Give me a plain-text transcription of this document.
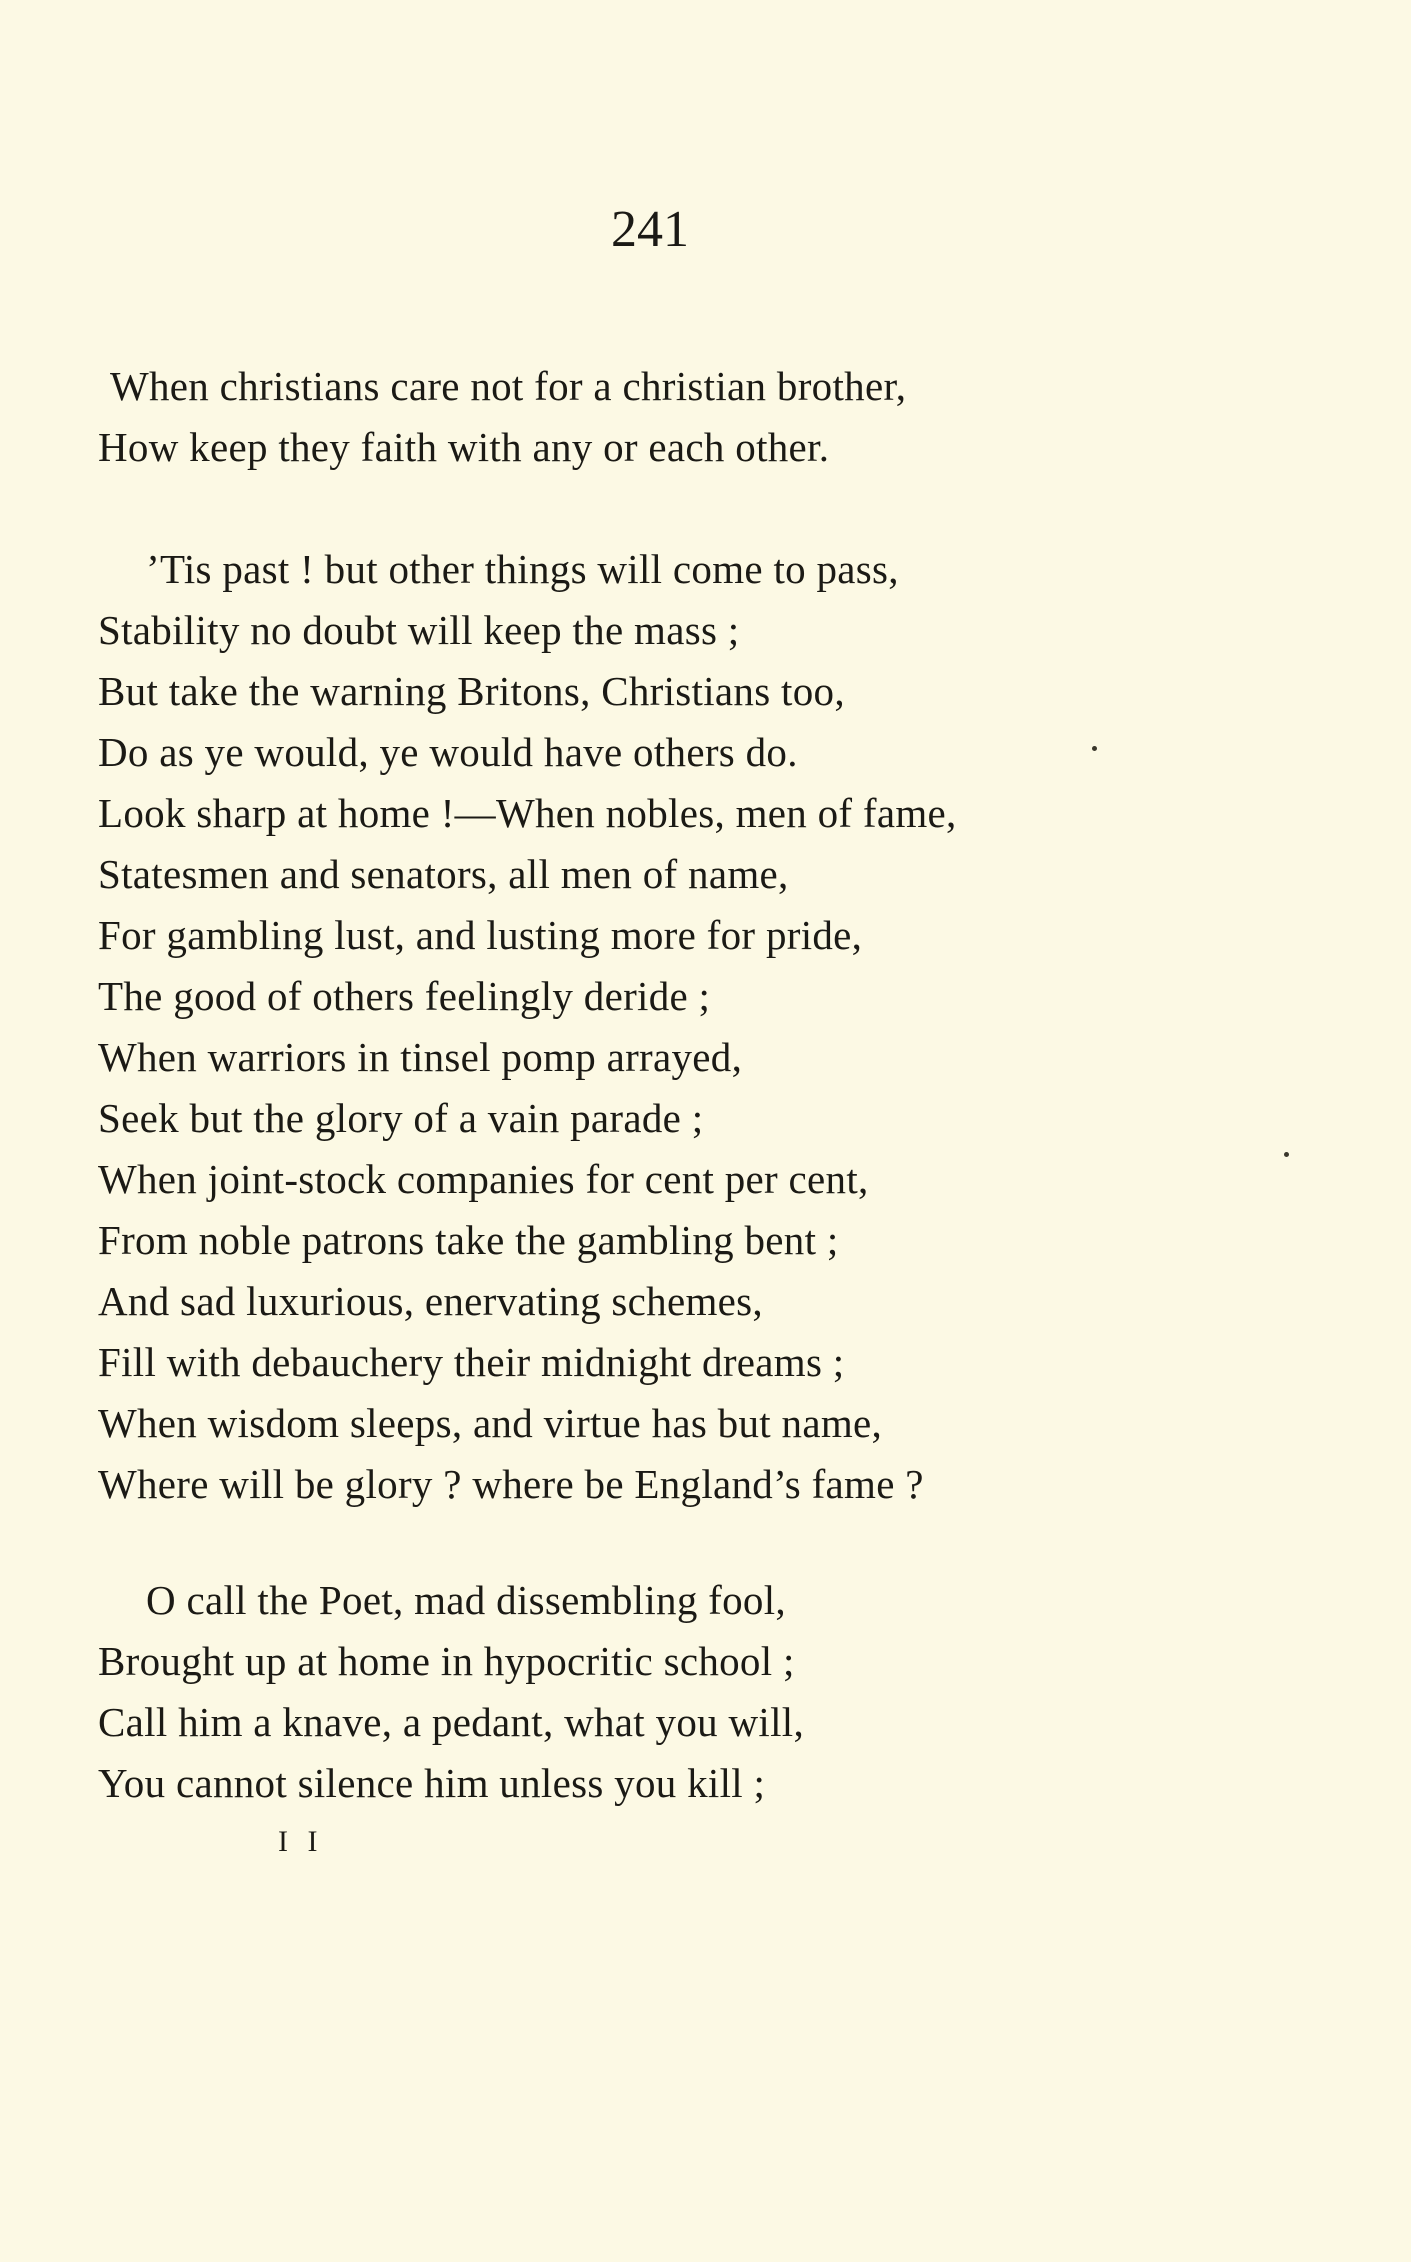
241
When christians care not for a christian brother,
How keep they faith with any or each other.
’Tis past ! but other things will come to pass,
Stability no doubt will keep the mass ;
But take the warning Britons, Christians too,
Do as ye would, ye would have others do.
Look sharp at home !—When nobles, men of fame,
Statesmen and senators, all men of name,
For gambling lust, and lusting more for pride,
The good of others feelingly deride ;
When warriors in tinsel pomp arrayed,
Seek but the glory of a vain parade ;
When joint-stock companies for cent per cent,
From noble patrons take the gambling bent ;
And sad luxurious, enervating schemes,
Fill with debauchery their midnight dreams ;
When wisdom sleeps, and virtue has but name,
Where will be glory ? where be England’s fame ?
O call the Poet, mad dissembling fool,
Brought up at home in hypocritic school ;
Call him a knave, a pedant, what you will,
You cannot silence him unless you kill ;
I I
